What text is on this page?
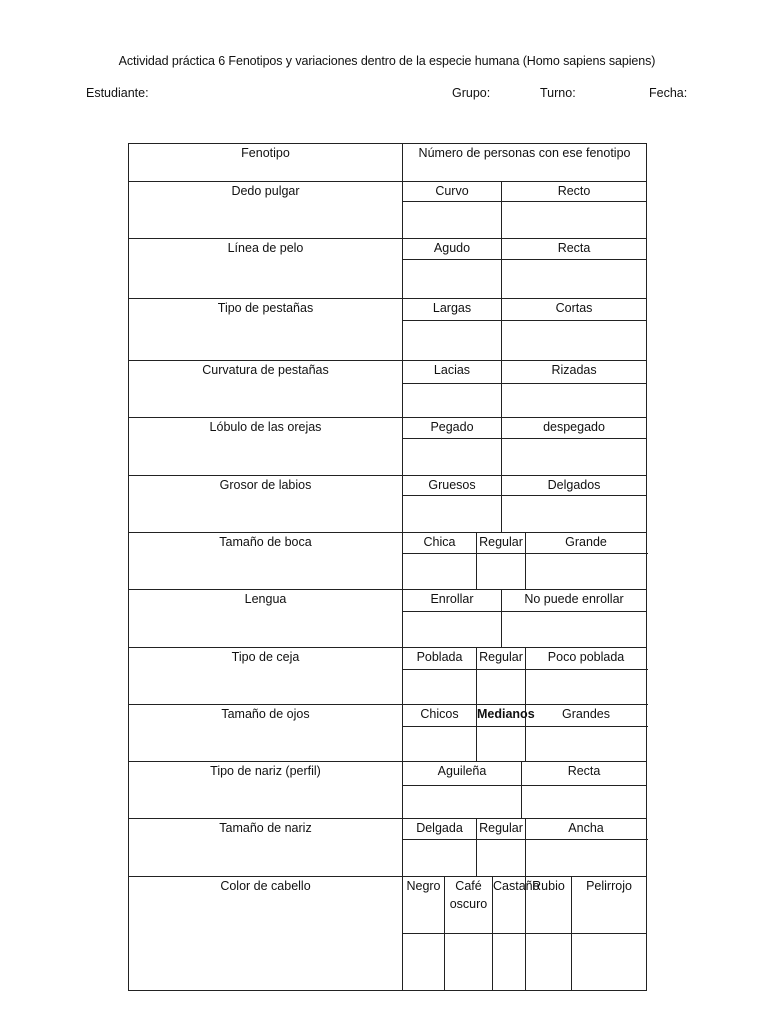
Actividad práctica 6 Fenotipos y variaciones dentro de la especie humana (Homo sapiens sapiens)
Estudiante:	Grupo:	Turno:	Fecha:
Fenotipo	Número de personas con ese fenotipo							
Dedo pulgar	Curvo				Recto			

Línea de pelo	Agudo				Recta			

Tipo de pestañas	Largas				Cortas			

Curvatura de pestañas	Lacias				Rizadas			

Lóbulo de las orejas	Pegado				despegado			

Grosor de labios	Gruesos				Delgados			

Tamaño de boca	Chica		Regular				Grande	

Lengua	Enrollar				No puede enrollar			

Tipo de ceja	Poblada		Regular				Poco poblada	

Tamaño de ojos	Chicos		Medianos				Grandes	

Tipo de nariz (perfil)	Aguileña					Recta		

Tamaño de nariz	Delgada		Regular				Ancha	

Color de cabello	Negro	Café oscuro		Castaño			Rubio	Pelirrojo
